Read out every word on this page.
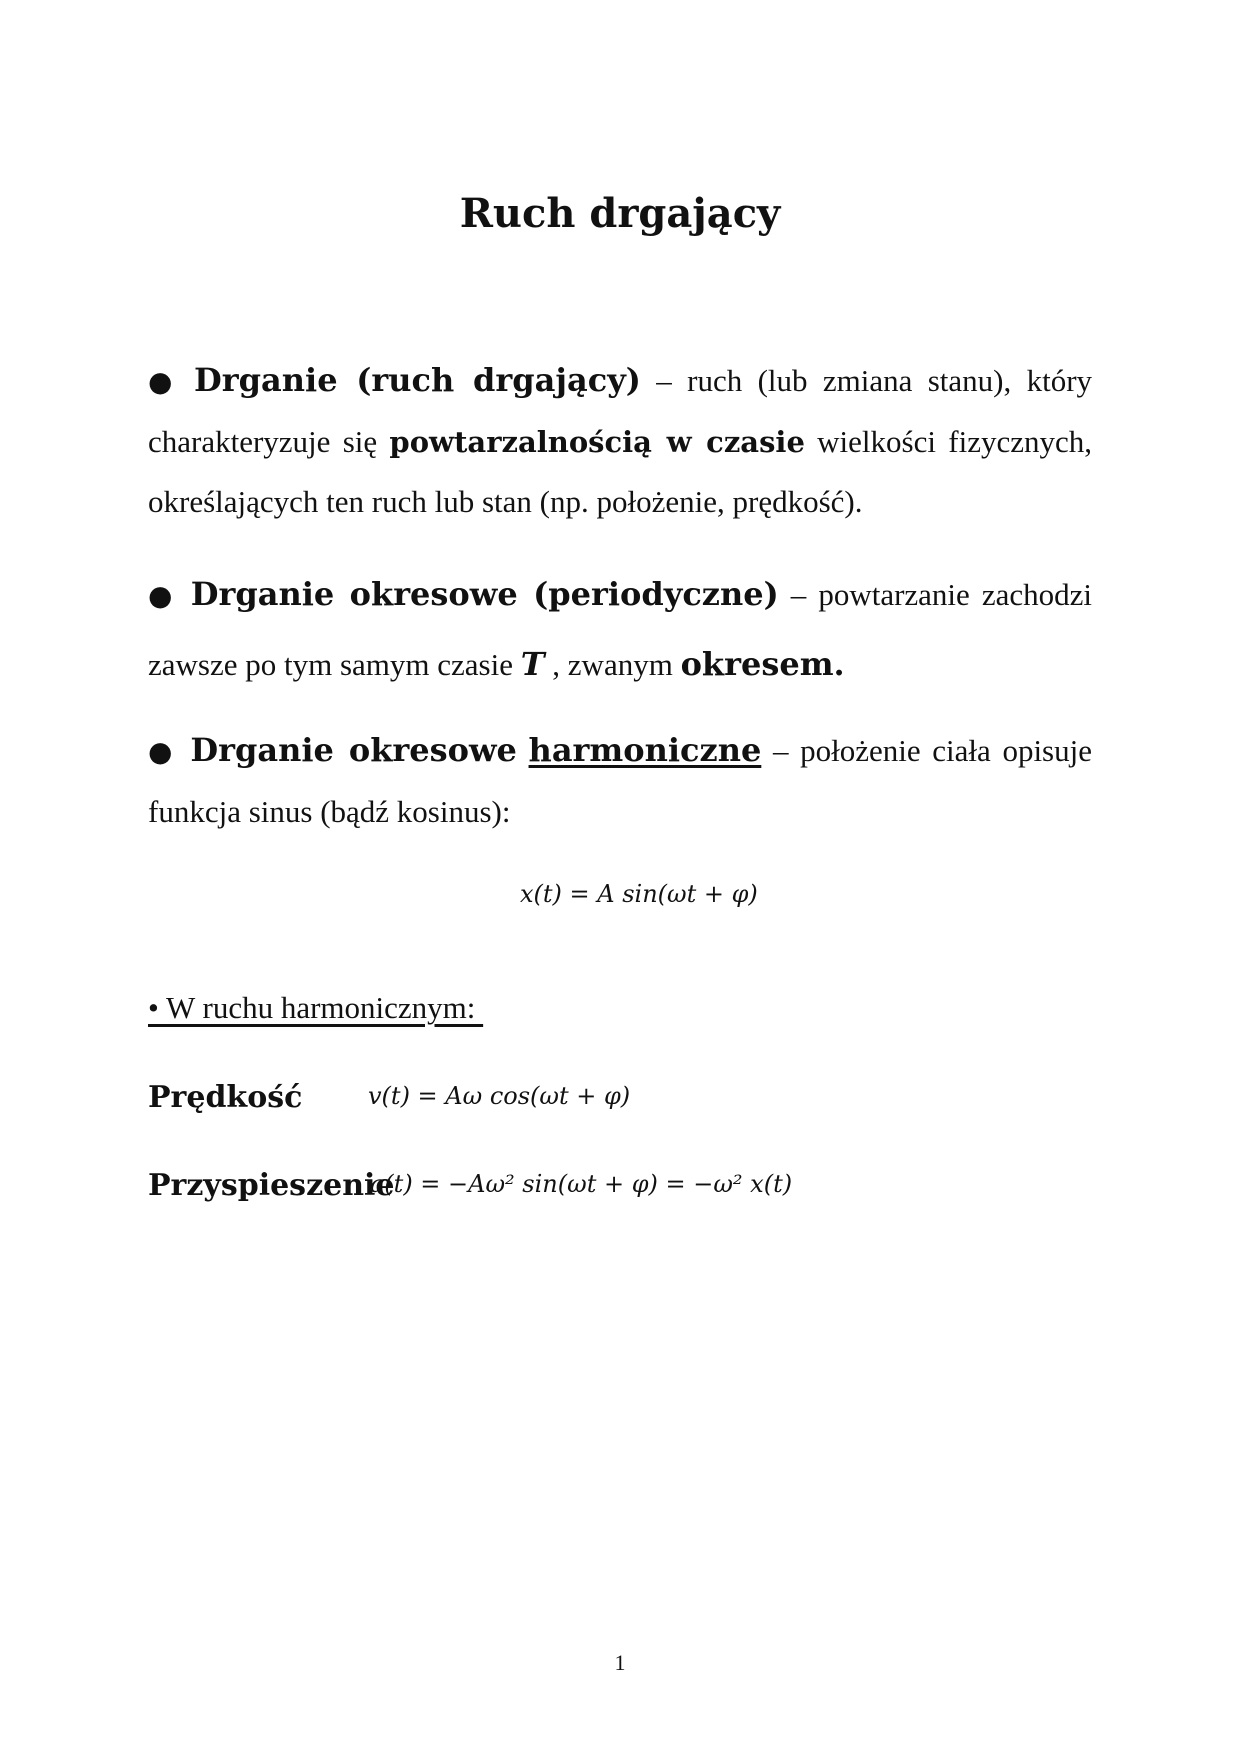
Ruch drgający
● Drganie (ruch drgający) – ruch (lub zmiana stanu), który charakteryzuje się powtarzalnością w czasie wielkości fizycznych, określających ten ruch lub stan (np. położenie, prędkość).
● Drganie okresowe (periodyczne) – powtarzanie zachodzi zawsze po tym samym czasie T , zwanym okresem.
● Drganie okresowe harmoniczne – położenie ciała opisuje funkcja sinus (bądź kosinus):
x(t) = A sin(ωt + φ)
• W ruchu harmonicznym:
Prędkość	v(t) = Aω cos(ωt + φ)
Przyspieszenie
a(t) = −Aω² sin(ωt + φ) = −ω² x(t)
1
